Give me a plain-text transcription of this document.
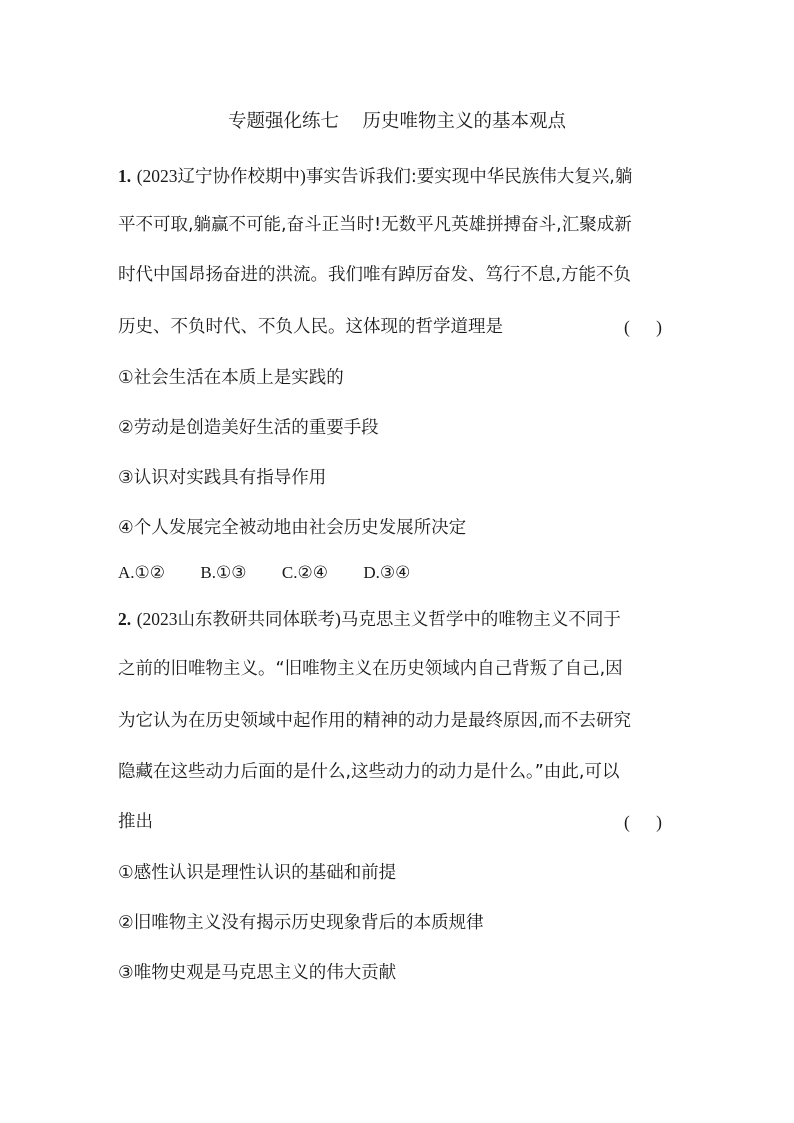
专题强化练七    历史唯物主义的基本观点
1. (2023辽宁协作校期中)事实告诉我们:要实现中华民族伟大复兴,躺
平不可取,躺赢不可能,奋斗正当时!无数平凡英雄拼搏奋斗,汇聚成新
时代中国昂扬奋进的洪流。我们唯有踔厉奋发、笃行不息,方能不负
历史、不负时代、不负人民。这体现的哲学道理是	(      )
①社会生活在本质上是实践的
②劳动是创造美好生活的重要手段
③认识对实践具有指导作用
④个人发展完全被动地由社会历史发展所决定
A.①② B.①③ C.②④ D.③④
2. (2023山东教研共同体联考)马克思主义哲学中的唯物主义不同于
之前的旧唯物主义。“旧唯物主义在历史领域内自己背叛了自己,因
为它认为在历史领域中起作用的精神的动力是最终原因,而不去研究
隐藏在这些动力后面的是什么,这些动力的动力是什么。”由此,可以
推出	(      )
①感性认识是理性认识的基础和前提
②旧唯物主义没有揭示历史现象背后的本质规律
③唯物史观是马克思主义的伟大贡献
